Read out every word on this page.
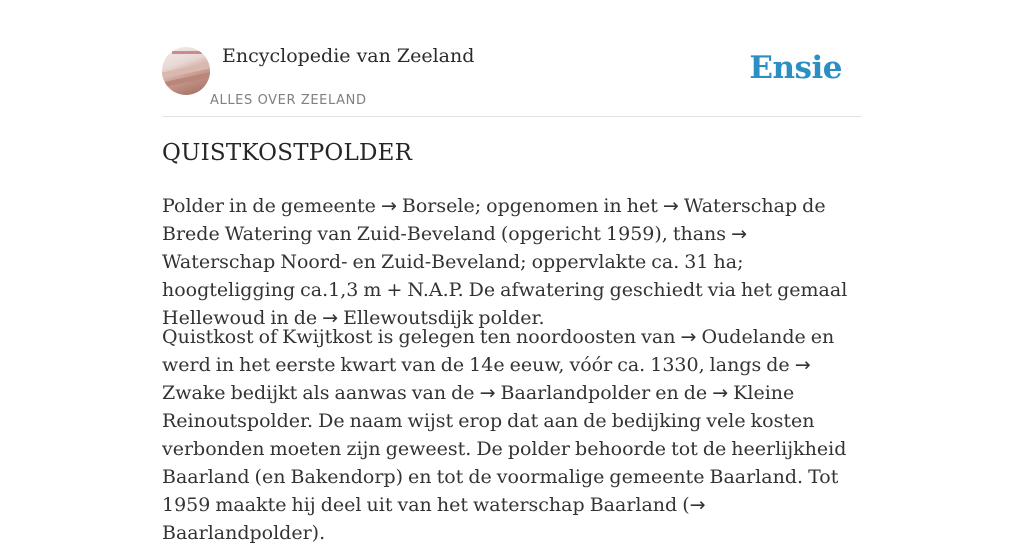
Encyclopedie van Zeeland
ALLES OVER ZEELAND
Ensie
QUISTKOSTPOLDER

Polder in de gemeente → Borsele; opgenomen in het → Waterschap de Brede Watering van Zuid-Beveland (opgericht 1959), thans → Waterschap Noord- en Zuid-Beveland; oppervlakte ca. 31 ha; hoogteligging ca.1,3 m + N.A.P. De afwatering geschiedt via het gemaal Hellewoud in de → Ellewoutsdijk polder.

Quistkost of Kwijtkost is gelegen ten noordoosten van → Oudelande en werd in het eerste kwart van de 14e eeuw, vóór ca. 1330, langs de → Zwake bedijkt als aanwas van de → Baarlandpolder en de → Kleine Reinoutspolder. De naam wijst erop dat aan de bedijking vele kosten verbonden moeten zijn geweest. De polder behoorde tot de heerlijkheid Baarland (en Bakendorp) en tot de voormalige gemeente Baarland. Tot 1959 maakte hij deel uit van het waterschap Baarland (→ Baarlandpolder).
